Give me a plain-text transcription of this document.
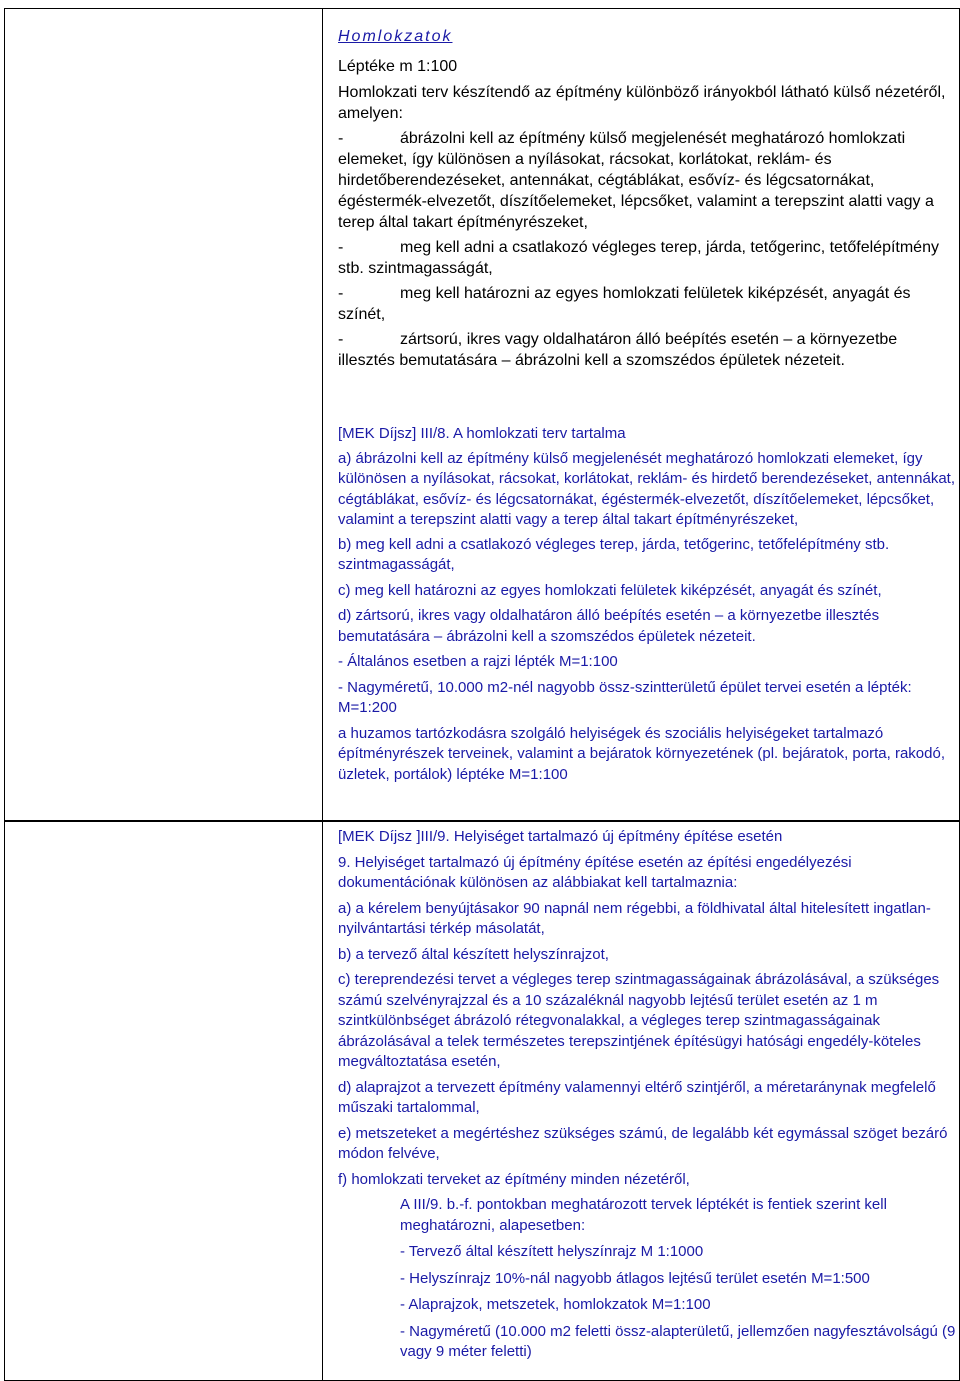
Homlokzatok
Léptéke m 1:100
Homlokzati terv készítendő az építmény különböző irányokból látható külső nézetéről,
amelyen:
-	ábrázolni kell az építmény külső megjelenését meghatározó homlokzati
elemeket, így különösen a nyílásokat, rácsokat, korlátokat, reklám- és
hirdetőberendezéseket, antennákat, cégtáblákat, esővíz- és légcsatornákat,
égéstermék-elvezetőt, díszítőelemeket, lépcsőket, valamint a terepszint alatti vagy a
terep által takart építményrészeket,
-	meg kell adni a csatlakozó végleges terep, járda, tetőgerinc, tetőfelépítmény
stb. szintmagasságát,
-	meg kell határozni az egyes homlokzati felületek kiképzését, anyagát és
színét,
-	zártsorú, ikres vagy oldalhatáron álló beépítés esetén – a környezetbe
illesztés bemutatására – ábrázolni kell a szomszédos épületek nézeteit.
[MEK Díjsz] III/8. A homlokzati terv tartalma
a) ábrázolni kell az építmény külső megjelenését meghatározó homlokzati elemeket, így
különösen a nyílásokat, rácsokat, korlátokat, reklám- és hirdető berendezéseket, antennákat,
cégtáblákat, esővíz- és légcsatornákat, égéstermék-elvezetőt, díszítőelemeket, lépcsőket,
valamint a terepszint alatti vagy a terep által takart építményrészeket,
b) meg kell adni a csatlakozó végleges terep, járda, tetőgerinc, tetőfelépítmény stb.
szintmagasságát,
c) meg kell határozni az egyes homlokzati felületek kiképzését, anyagát és színét,
d) zártsorú, ikres vagy oldalhatáron álló beépítés esetén – a környezetbe illesztés
bemutatására – ábrázolni kell a szomszédos épületek nézeteit.
- Általános esetben a rajzi lépték M=1:100
- Nagyméretű, 10.000 m2-nél nagyobb össz-szintterületű épület tervei esetén a lépték:
M=1:200
a huzamos tartózkodásra szolgáló helyiségek és szociális helyiségeket tartalmazó
építményrészek terveinek, valamint a bejáratok környezetének (pl. bejáratok, porta, rakodó,
üzletek, portálok) léptéke M=1:100
[MEK Díjsz ]III/9. Helyiséget tartalmazó új építmény építése esetén
9. Helyiséget tartalmazó új építmény építése esetén az építési engedélyezési
dokumentációnak különösen az alábbiakat kell tartalmaznia:
a) a kérelem benyújtásakor 90 napnál nem régebbi, a földhivatal által hitelesített ingatlan-
nyilvántartási térkép másolatát,
b) a tervező által készített helyszínrajzot,
c) tereprendezési tervet a végleges terep szintmagasságainak ábrázolásával, a szükséges
számú szelvényrajzzal és a 10 százaléknál nagyobb lejtésű terület esetén az 1 m
szintkülönbséget ábrázoló rétegvonalakkal, a végleges terep szintmagasságainak
ábrázolásával a telek természetes terepszintjének építésügyi hatósági engedély-köteles
megváltoztatása esetén,
d) alaprajzot a tervezett építmény valamennyi eltérő szintjéről, a méretaránynak megfelelő
műszaki tartalommal,
e) metszeteket a megértéshez szükséges számú, de legalább két egymással szöget bezáró
módon felvéve,
f) homlokzati terveket az építmény minden nézetéről,
A III/9. b.-f. pontokban meghatározott tervek léptékét is fentiek szerint kell
meghatározni, alapesetben:
- Tervező által készített helyszínrajz M 1:1000
- Helyszínrajz 10%-nál nagyobb átlagos lejtésű terület esetén M=1:500
- Alaprajzok, metszetek, homlokzatok M=1:100
- Nagyméretű (10.000 m2 feletti össz-alapterületű, jellemzően nagyfesztávolságú (9
vagy 9 méter feletti)
